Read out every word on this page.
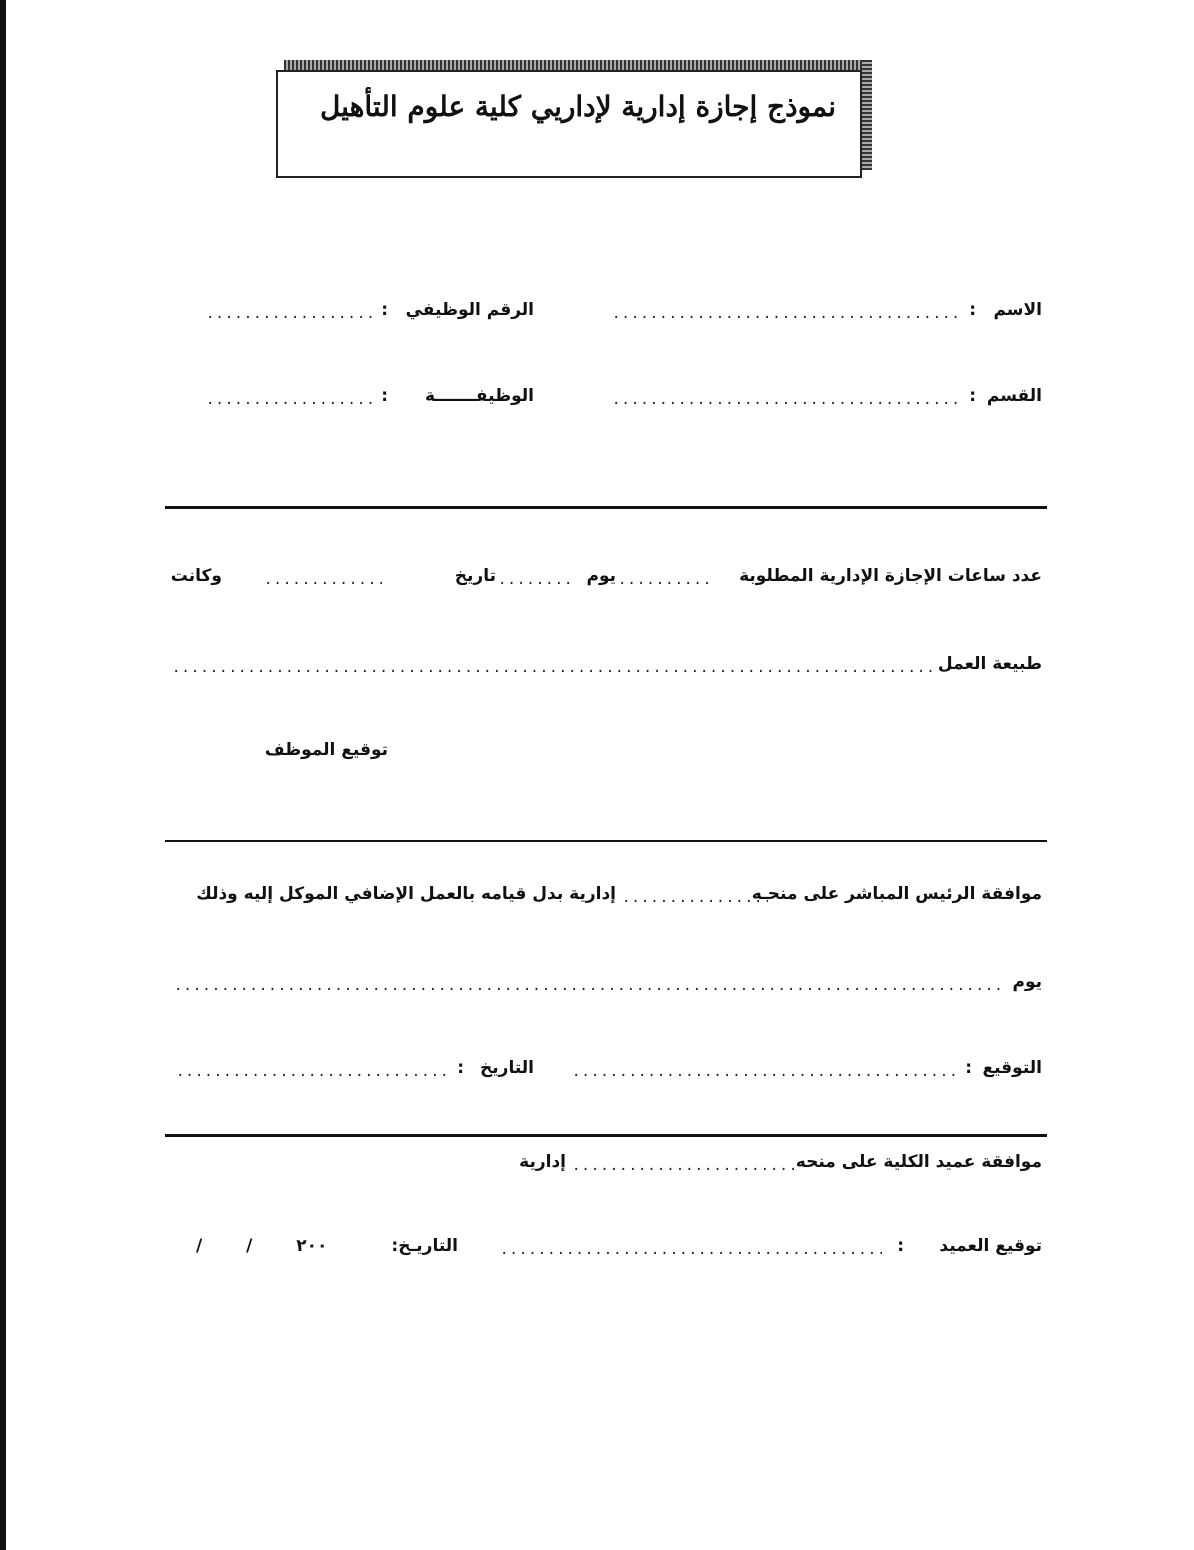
نموذج إجازة إدارية لإداريي كلية علوم التأهيل
الاسم
:
.....
الرقم الوظيفي
:
.....
القسم
:
.....
الوظيفـــــــة
:
.....
عدد ساعات الإجازة الإدارية المطلوبة
.....
يوم
.....
تاريخ
.....
وكانت
طبيعة العمل
.....
توقيع الموظف
موافقة الرئيس المباشر على منحـه
.....
إدارية بدل قيامه بالعمل الإضافي الموكل إليه وذلك
يوم
.....
التوقيع
:
.....
التاريخ
:
.....
موافقة عميد الكلية على منحه
.....
إدارية
توقيع العميد
:
.....
التاريـخ:
/ / ٢٠٠
